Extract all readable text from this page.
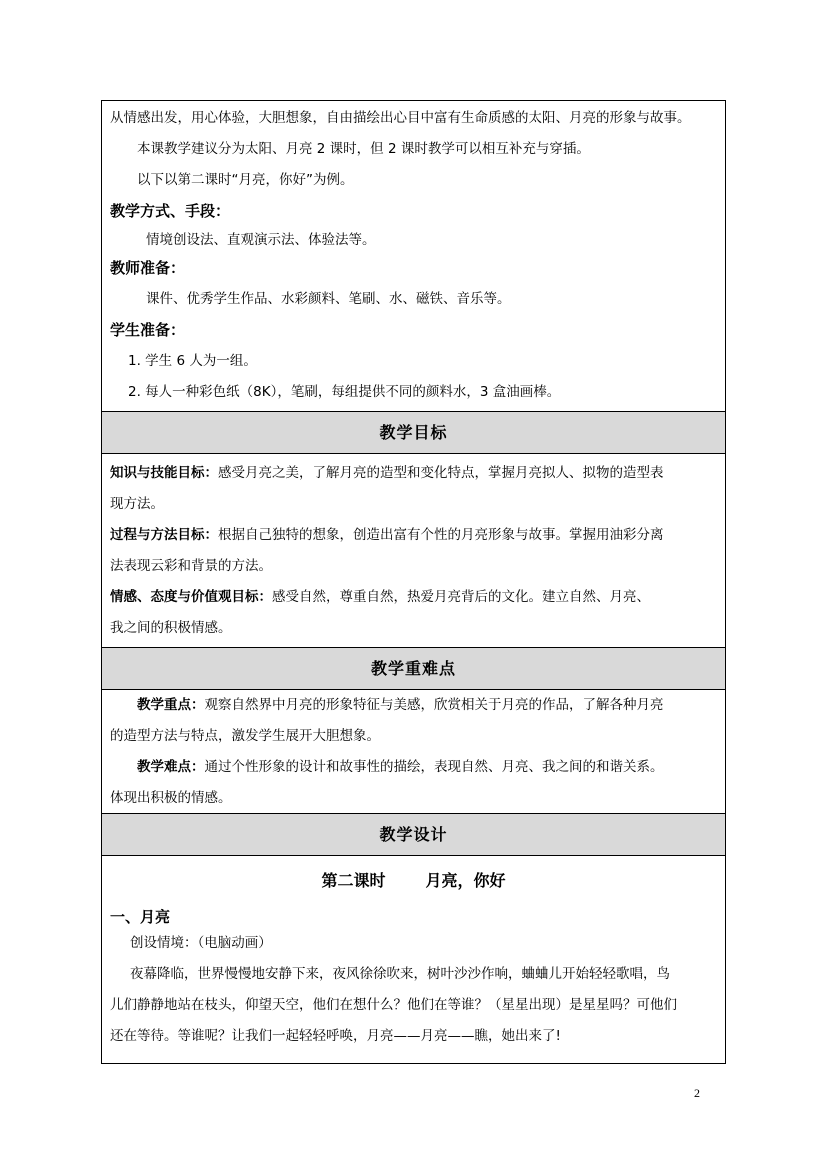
从情感出发，用心体验，大胆想象，自由描绘出心目中富有生命质感的太阳、月亮的形象与故事。

本课教学建议分为太阳、月亮 2 课时，但 2 课时教学可以相互补充与穿插。

以下以第二课时“月亮，你好”为例。

教学方式、手段：

情境创设法、直观演示法、体验法等。

教师准备：

课件、优秀学生作品、水彩颜料、笔刷、水、磁铁、音乐等。

学生准备：

1. 学生 6 人为一组。

2. 每人一种彩色纸（8K），笔刷，每组提供不同的颜料水，3 盒油画棒。

教学目标

知识与技能目标：感受月亮之美，了解月亮的造型和变化特点，掌握月亮拟人、拟物的造型表

现方法。

过程与方法目标：根据自己独特的想象，创造出富有个性的月亮形象与故事。掌握用油彩分离

法表现云彩和背景的方法。

情感、态度与价值观目标：感受自然，尊重自然，热爱月亮背后的文化。建立自然、月亮、

我之间的积极情感。

教学重难点

教学重点：观察自然界中月亮的形象特征与美感，欣赏相关于月亮的作品，了解各种月亮

的造型方法与特点，激发学生展开大胆想象。

教学难点：通过个性形象的设计和故事性的描绘，表现自然、月亮、我之间的和谐关系。

体现出积极的情感。

教学设计

第二课时	月亮，你好

一、月亮

创设情境：（电脑动画）

夜幕降临，世界慢慢地安静下来，夜风徐徐吹来，树叶沙沙作响，蛐蛐儿开始轻轻歌唱，鸟

儿们静静地站在枝头，仰望天空，他们在想什么？他们在等谁？（星星出现）是星星吗？可他们

还在等待。等谁呢？让我们一起轻轻呼唤，月亮——月亮——瞧，她出来了!

2
